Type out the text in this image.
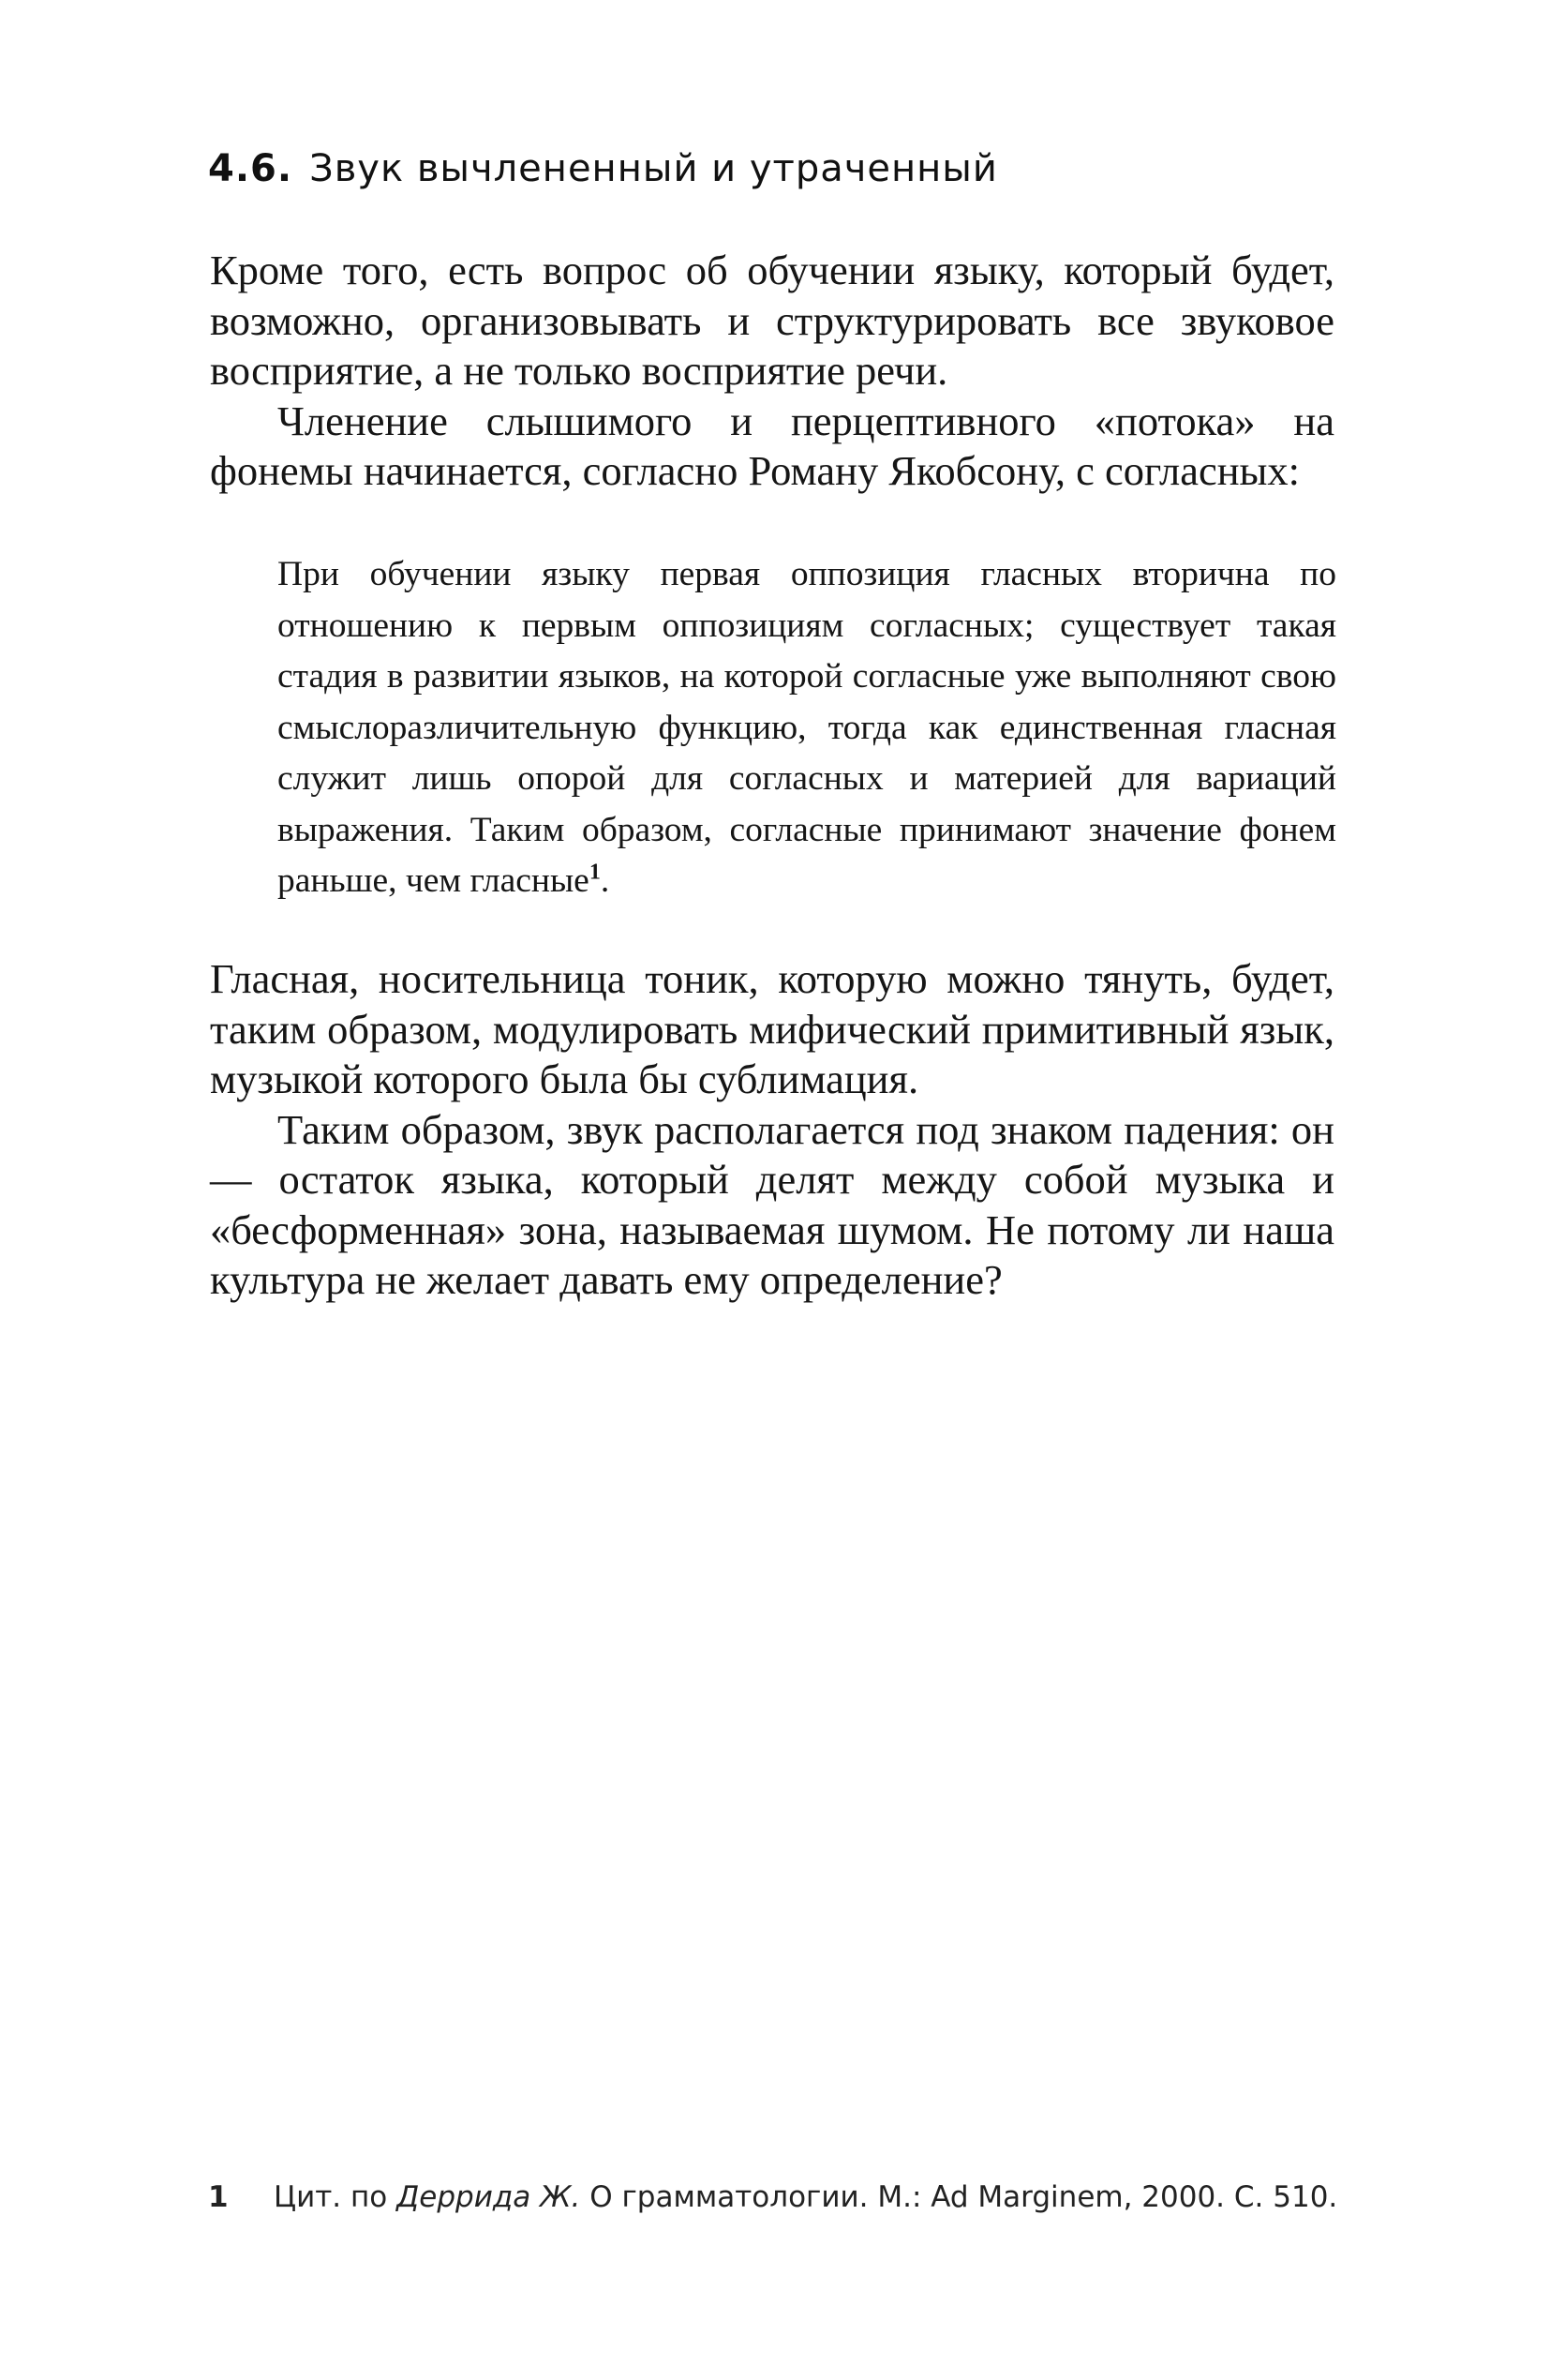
4.6. Звук вычлененный и утраченный

Кроме того, есть вопрос об обучении языку, который будет, возможно, организовывать и структурировать все звуковое восприятие, а не только восприятие речи.

Членение слышимого и перцептивного «потока» на фонемы начинается, согласно Роману Якобсону, с согласных:

При обучении языку первая оппозиция гласных вторична по отношению к первым оппозициям согласных; существует такая стадия в развитии языков, на которой согласные уже выполняют свою смыслоразличительную функцию, тогда как единственная гласная служит лишь опорой для согласных и материей для вариаций выражения. Таким образом, согласные принимают значение фонем раньше, чем гласные$^1$.

Гласная, носительница тоник, которую можно тянуть, будет, таким образом, модулировать мифический примитивный язык, музыкой которого была бы сублимация.

Таким образом, звук располагается под знаком падения: он — остаток языка, который делят между собой музыка и «бесформенная» зона, называемая шумом. Не потому ли наша культура не желает давать ему определение?

1 Цит. по Деррида Ж. О грамматологии. М.: Ad Marginem, 2000. С. 510.
